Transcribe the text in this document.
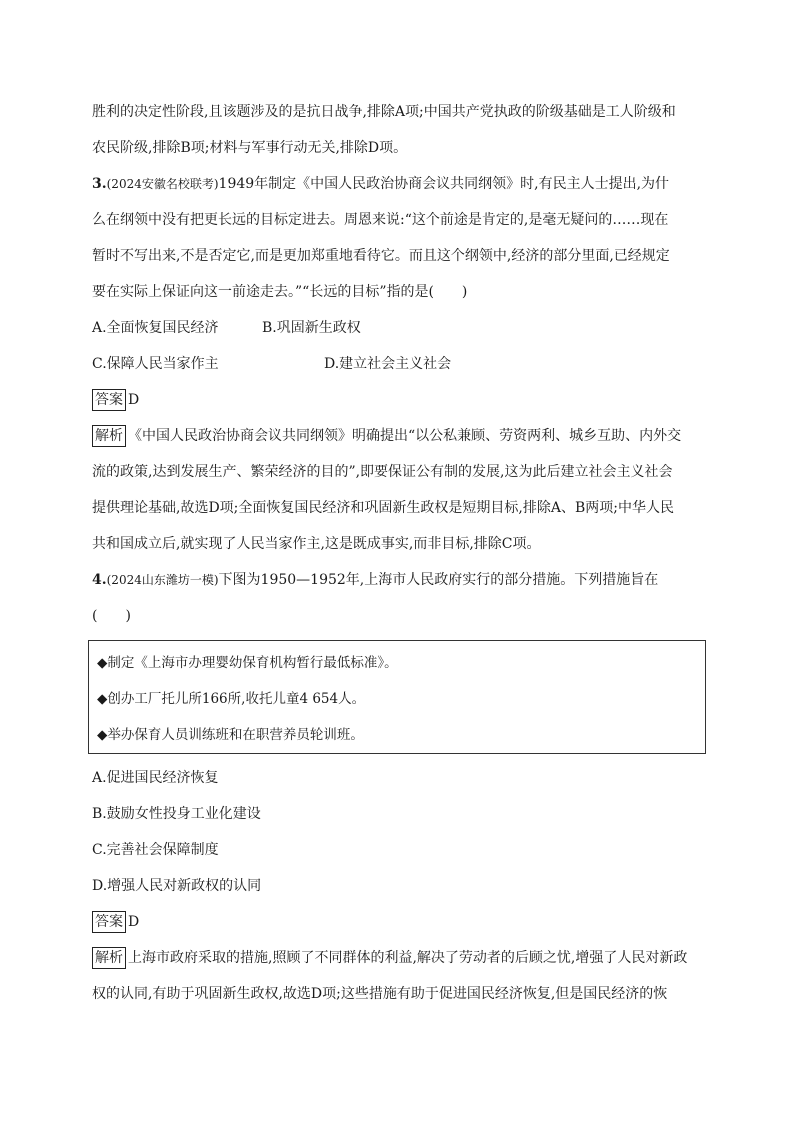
胜利的决定性阶段,且该题涉及的是抗日战争,排除A项;中国共产党执政的阶级基础是工人阶级和
农民阶级,排除B项;材料与军事行动无关,排除D项。
3.(2024安徽名校联考)1949年制定《中国人民政治协商会议共同纲领》时,有民主人士提出,为什
么在纲领中没有把更长远的目标定进去。周恩来说:“这个前途是肯定的,是毫无疑问的……现在
暂时不写出来,不是否定它,而是更加郑重地看待它。而且这个纲领中,经济的部分里面,已经规定
要在实际上保证向这一前途走去。”“长远的目标”指的是(　　)
A.全面恢复国民经济	B.巩固新生政权
C.保障人民当家作主	D.建立社会主义社会
答案 D
解析 《中国人民政治协商会议共同纲领》明确提出“以公私兼顾、劳资两利、城乡互助、内外交
流的政策,达到发展生产、繁荣经济的目的”,即要保证公有制的发展,这为此后建立社会主义社会
提供理论基础,故选D项;全面恢复国民经济和巩固新生政权是短期目标,排除A、B两项;中华人民
共和国成立后,就实现了人民当家作主,这是既成事实,而非目标,排除C项。
4.(2024山东潍坊一模)下图为1950—1952年,上海市人民政府实行的部分措施。下列措施旨在
(　　)
◆制定《上海市办理婴幼保育机构暂行最低标准》。
◆创办工厂托儿所166所,收托儿童4 654人。
◆举办保育人员训练班和在职营养员轮训班。
A.促进国民经济恢复
B.鼓励女性投身工业化建设
C.完善社会保障制度
D.增强人民对新政权的认同
答案 D
解析 上海市政府采取的措施,照顾了不同群体的利益,解决了劳动者的后顾之忧,增强了人民对新政
权的认同,有助于巩固新生政权,故选D项;这些措施有助于促进国民经济恢复,但是国民经济的恢
